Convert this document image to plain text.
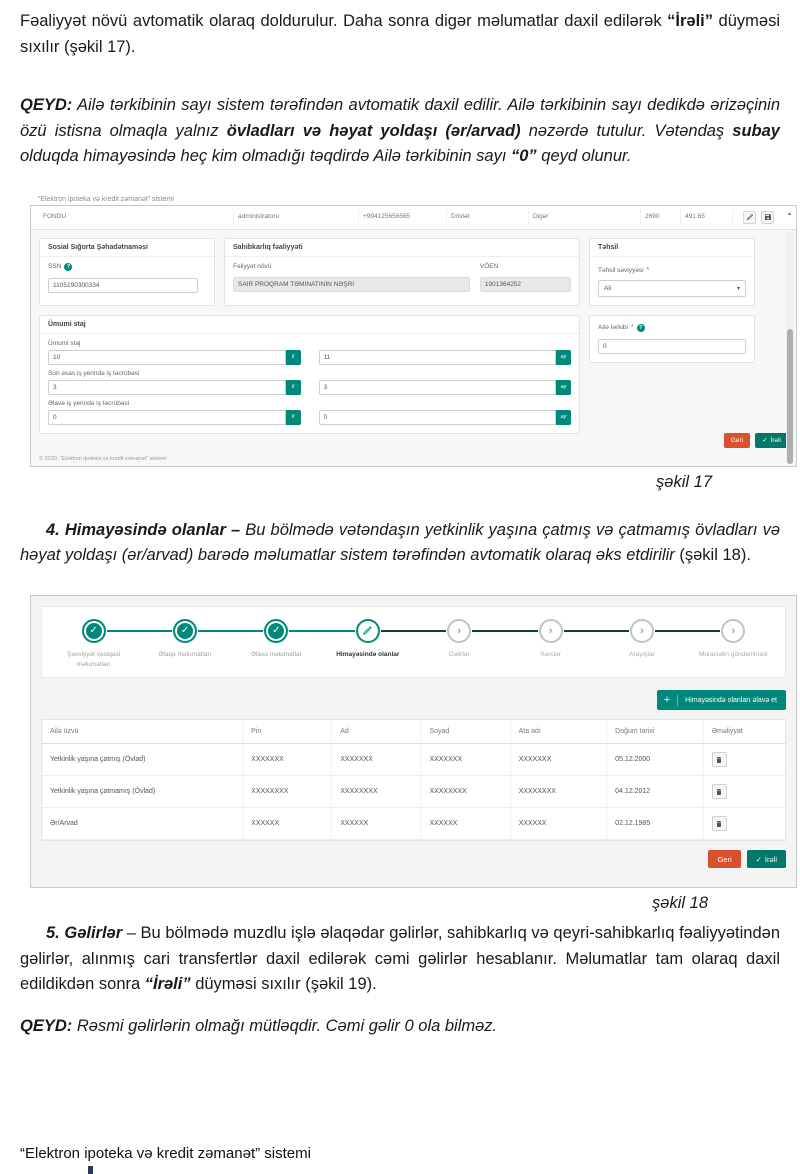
Fəaliyyət növü avtomatik olaraq doldurulur. Daha sonra digər məlumatlar daxil edilərək “İrəli” düyməsi sıxılır (şəkil 17).

QEYD: Ailə tərkibinin sayı sistem tərəfindən avtomatik daxil edilir. Ailə tərkibinin sayı dedikdə ərizəçinin özü istisna olmaqla yalnız övladları və həyat yoldaşı (ər/arvad) nəzərdə tutulur. Vətəndaş subay olduqda himayəsində heç kim olmadığı təqdirdə Ailə tərkibinin sayı “0” qeyd olunur.

“Elektron ipoteka və kredit zəmanət” sistemi
FONDU	administratoru	+994125656565	Dövlət	Digər	2690	491.65	▲
Sosial Sığorta Şəhadətnaməsi
SSN ?
1105190300334
Sahibkarlıq fəaliyyəti
Fəliyyət növü
SAİR PROQRAM TƏMİNATININ NƏŞRİ	VÖEN
1901364252
Təhsil
Təhsil səviyyəsi *
Ali	▾
Ümumi staj
Ümumi staj
10
il
11	ay
Son əsas iş yerində iş təcrübəsi
3
il
3	ay
Əlavə iş yerində iş təcrübəsi
0
il
0	ay
Ailə tərkibi * ?
0
Geri	✓ İrəli
© 2020. “Elektron ipoteka və kredit zəmanət” sistemi
şəkil 17

4. Himayəsində olanlar – Bu bölmədə vətəndaşın yetkinlik yaşına çatmış və çatmamış övladları və həyat yoldaşı (ər/arvad) barədə məlumatlar sistem tərəfindən avtomatik olaraq əks etdirilir (şəkil 18).

✓
Şəxsiyyət vəsiqəsi məlumatları
✓
Əlaqə məlumatları
✓
Əlavə məlumatlar	Himayəsində olanlar
›
Gəlirlər
›
Xərclər
›
Arayışlar
›
Müraciətin göndərilməsi
+	Himayəsində olanları əlavə et
Ailə üzvü	Pin	Ad	Soyad	Ata adı	Doğum tarixi	Əməliyyat
Yetkinlik yaşına çatmış (Övlad)	XXXXXXX	XXXXXXX	XXXXXXX	XXXXXXX	05.12.2000	

Yetkinlik yaşına çatmamış (Övlad)	XXXXXXXX	XXXXXXXX	XXXXXXXX	XXXXXXXX	04.12.2012	

Ər/Arvad	XXXXXX	XXXXXX	XXXXXX	XXXXXX	02.12.1985	
Geri	✓ İrəli
şəkil 18

5. Gəlirlər – Bu bölmədə muzdlu işlə əlaqədar gəlirlər, sahibkarlıq və qeyri-sahibkarlıq fəaliyyətindən gəlirlər, alınmış cari transfertlər daxil edilərək cəmi gəlirlər hesablanır. Məlumatlar tam olaraq daxil edildikdən sonra “İrəli” düyməsi sıxılır (şəkil 19).

QEYD: Rəsmi gəlirlərin olmağı mütləqdir. Cəmi gəlir 0 ola bilməz.

“Elektron ipoteka və kredit zəmanət” sistemi
